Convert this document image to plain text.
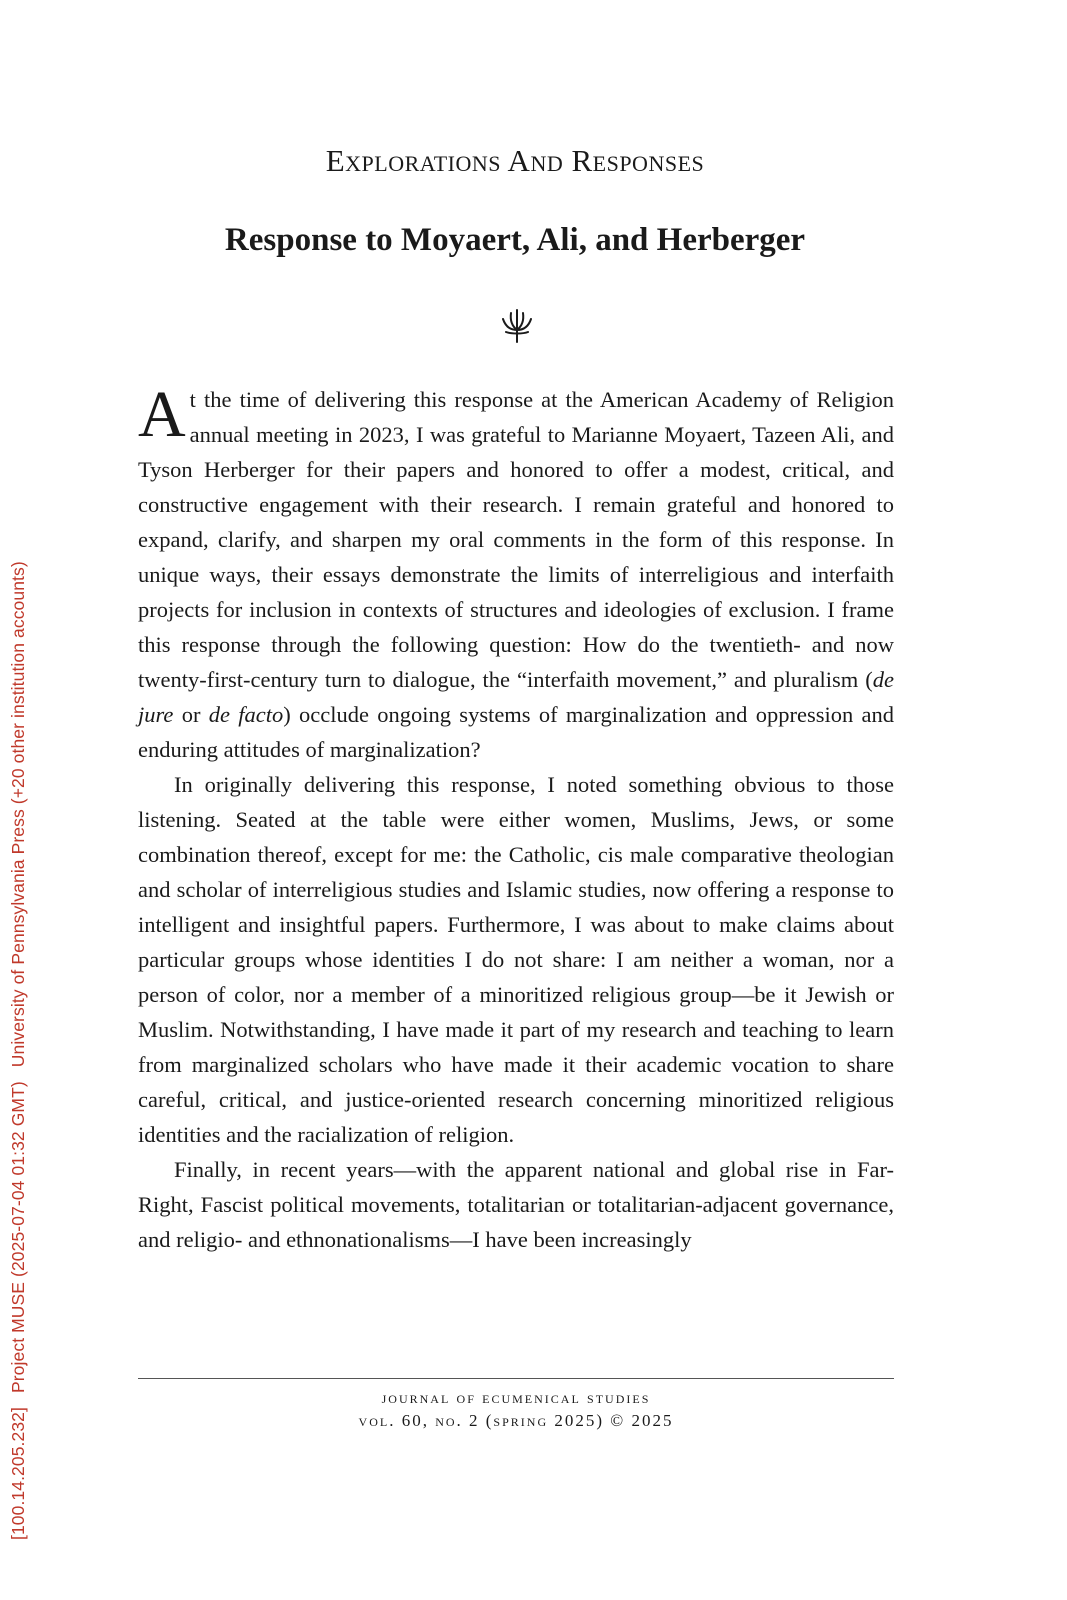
[100.14.205.232]Project MUSE (2025-07-04 01:32 GMT)University of Pennsylvania Press (+20 other institution accounts)
Explorations And Responses
Response to Moyaert, Ali, and Herberger

At the time of delivering this response at the American Academy of Religion annual meeting in 2023, I was grateful to Marianne Moyaert, Tazeen Ali, and Tyson Herberger for their papers and honored to offer a modest, critical, and constructive engagement with their research. I remain grateful and honored to expand, clarify, and sharpen my oral comments in the form of this response. In unique ways, their essays demonstrate the limits of interreligious and interfaith projects for inclusion in contexts of structures and ideologies of exclusion. I frame this response through the following question: How do the twentieth- and now twenty-first-century turn to dialogue, the “interfaith movement,” and pluralism (de jure or de facto) occlude ongoing systems of marginalization and oppression and enduring attitudes of marginalization?

In originally delivering this response, I noted something obvious to those listening. Seated at the table were either women, Muslims, Jews, or some combination thereof, except for me: the Catholic, cis male comparative theologian and scholar of interreligious studies and Islamic studies, now offering a response to intelligent and insightful papers. Furthermore, I was about to make claims about particular groups whose identities I do not share: I am neither a woman, nor a person of color, nor a member of a minoritized religious group—be it Jewish or Muslim. Notwithstanding, I have made it part of my research and teaching to learn from marginalized scholars who have made it their academic vocation to share careful, critical, and justice-oriented research concerning minoritized religious identities and the racialization of religion.

Finally, in recent years—with the apparent national and global rise in Far-Right, Fascist political movements, totalitarian or totalitarian-adjacent governance, and religio- and ethnonationalisms—I have been increasingly

journal of ecumenical studies
vol. 60, no. 2 (spring 2025) © 2025
